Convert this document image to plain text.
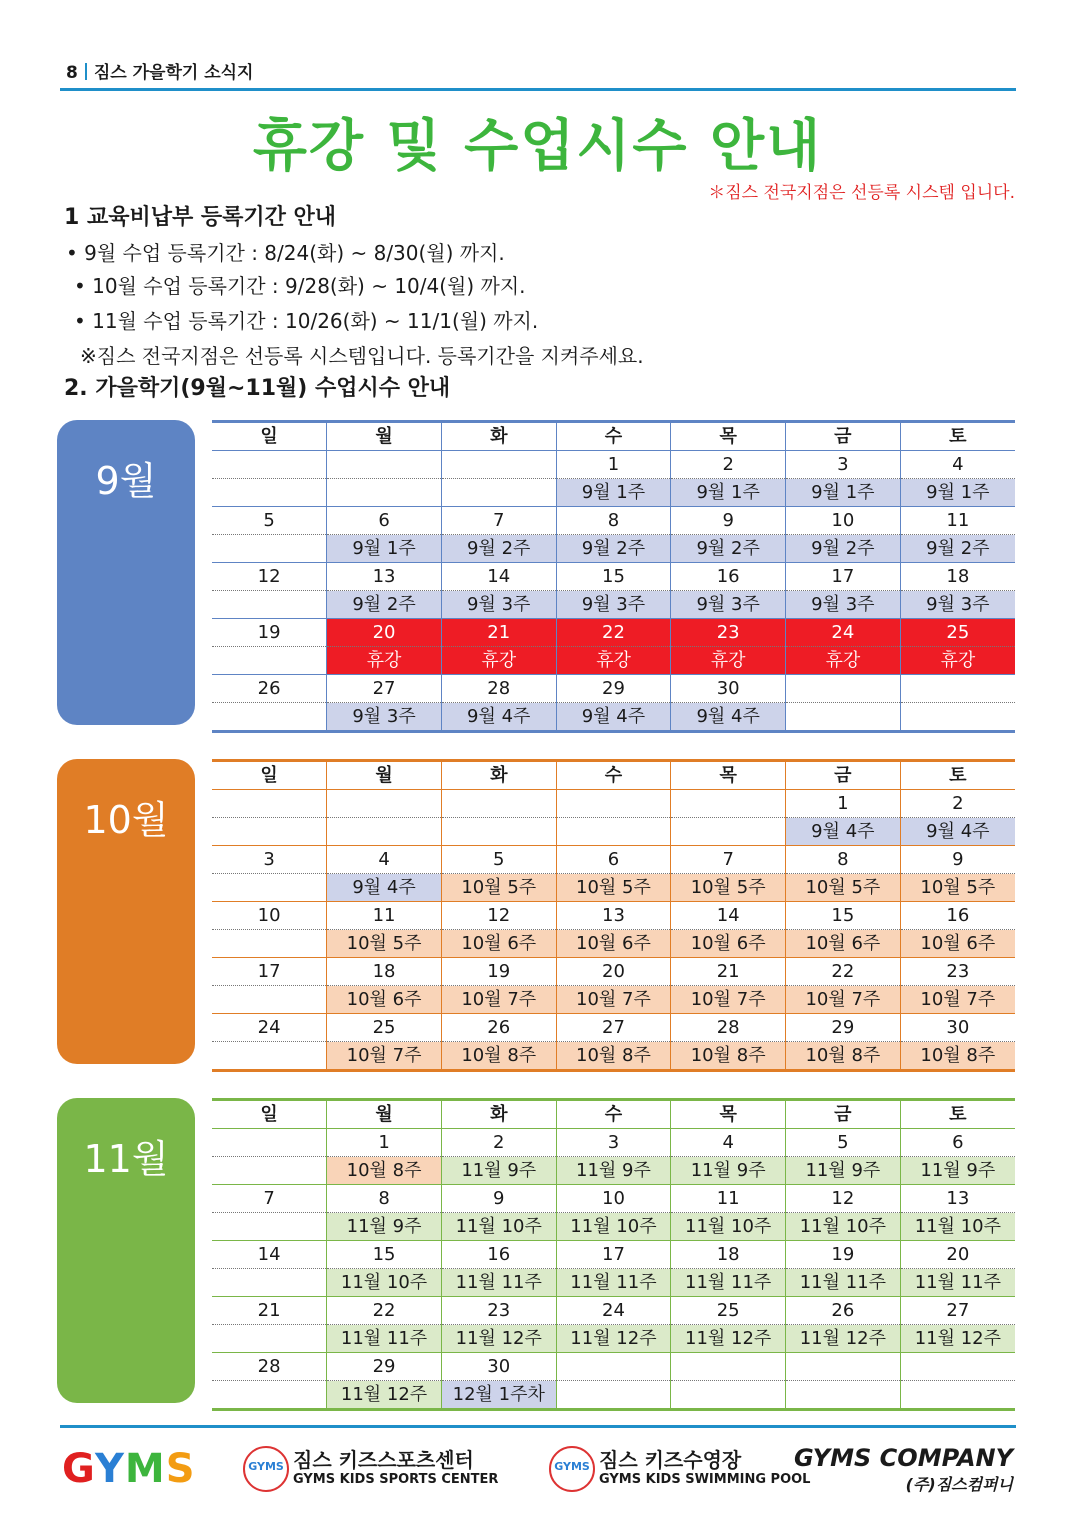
8 짐스 가을학기 소식지
휴강 및 수업시수 안내
＊짐스 전국지점은 선등록 시스템 입니다.
1 교육비납부 등록기간 안내
• 9월 수업 등록기간 : 8/24(화) ~ 8/30(월) 까지.
• 10월 수업 등록기간 : 9/28(화) ~ 10/4(월) 까지.
• 11월 수업 등록기간 : 10/26(화) ~ 11/1(월) 까지.
※짐스 전국지점은 선등록 시스템입니다. 등록기간을 지켜주세요.
2. 가을학기(9월~11월) 수업시수 안내
9월
일	월	화	수	목	금	토
			1	2	3	4
			9월 1주	9월 1주	9월 1주	9월 1주
5	6	7	8	9	10	11
	9월 1주	9월 2주	9월 2주	9월 2주	9월 2주	9월 2주
12	13	14	15	16	17	18
	9월 2주	9월 3주	9월 3주	9월 3주	9월 3주	9월 3주
19	20	21	22	23	24	25
	휴강	휴강	휴강	휴강	휴강	휴강
26	27	28	29	30		
	9월 3주	9월 4주	9월 4주	9월 4주		
10월
일	월	화	수	목	금	토
					1	2
					9월 4주	9월 4주
3	4	5	6	7	8	9
	9월 4주	10월 5주	10월 5주	10월 5주	10월 5주	10월 5주
10	11	12	13	14	15	16
	10월 5주	10월 6주	10월 6주	10월 6주	10월 6주	10월 6주
17	18	19	20	21	22	23
	10월 6주	10월 7주	10월 7주	10월 7주	10월 7주	10월 7주
24	25	26	27	28	29	30
	10월 7주	10월 8주	10월 8주	10월 8주	10월 8주	10월 8주
11월
일	월	화	수	목	금	토
	1	2	3	4	5	6
	10월 8주	11월 9주	11월 9주	11월 9주	11월 9주	11월 9주
7	8	9	10	11	12	13
	11월 9주	11월 10주	11월 10주	11월 10주	11월 10주	11월 10주
14	15	16	17	18	19	20
	11월 10주	11월 11주	11월 11주	11월 11주	11월 11주	11월 11주
21	22	23	24	25	26	27
	11월 11주	11월 12주	11월 12주	11월 12주	11월 12주	11월 12주
28	29	30				
	11월 12주	12월 1주차				
GYMS	GYMS 짐스 키즈스포츠센터
GYMS KIDS SPORTS CENTER
GYMS 짐스 키즈수영장
GYMS KIDS SWIMMING POOL
GYMS COMPANY
(주)짐스컴퍼니
